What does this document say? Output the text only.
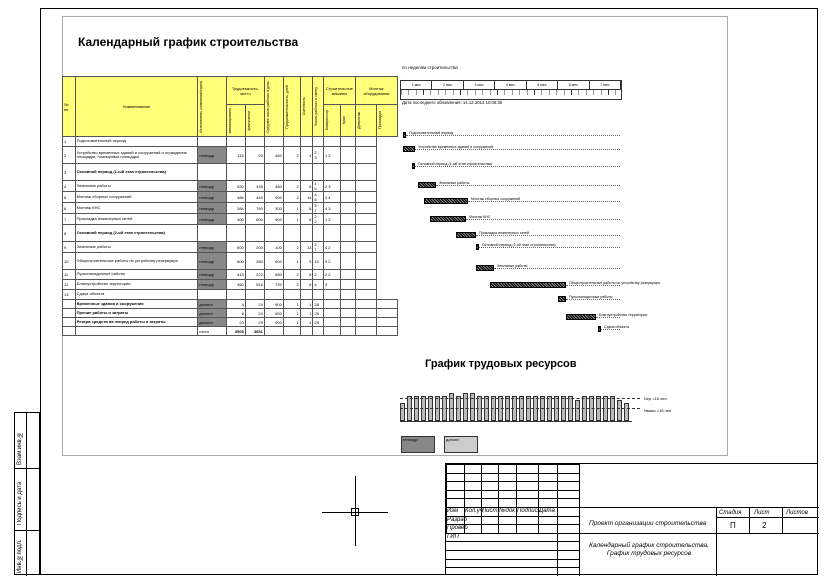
Календарный график строительства
№ пп	Наименование	Исполнитель (компания/отдел)	Трудоемкость, чел×ч		Среднее число рабочих в день	Продолжительность, дней	Сменность	Число рабочих в смену	Строительные машины		Монтаж оборудования	

			запланировано	фактически					Компрессор	Кран	Демонтаж	Прокладка

1	Подготовительный период											
2	Устройство временных зданий и сооружений и ограждение площадки, планировка площадки	генподр	115	92	460	2	4	2 : 3	1 2			
3	Основной период (1-ый этап строительства)											
4	Земляные работы	генподр	520	435	480	2	6	1 : 5	2 3			
5	Монтаж сборных сооружений	генподр	486	440	900	2	14	4 : 6	2 4			
6	Монтаж КНС	генподр	384	760	300	1	6	3 : 7	4 3			
7	Прокладка инженерных сетей	генподр	400	600	900	1	8	2 : 2	1 2			
8	Основной период (2-ой этап строительства)											
9	Земляные работы	генподр	600	200	100	2	13	3 : 7	4 2			
10	Общестроительные работы по устройству резервуара	генподр	600	280	600	1	9	10	3 2			
11	Пусконаладочные работы	генподр	413	222	680	2	8	2	2 2			
12	Благоустройство территории	генподр	460	516	720	2	6	4	3			
13	Сдача объекта											
	Временные здания и сооружения	допопл	4	24	900	1	1	28				
	Прочие работы и затраты	допопл	6	24	500	1	1	28				
	Резерв средств на непред работы и затраты	допопл	23	29	900	1	1	28				
		итого	3505	3651								
по неделям строительства
1 мес	2 мес	3 мес	4 мес	5 мес	6 мес	7 мес
Дата последнего обновления: 14.12.2012 10:08:35
Подготовительный период
Устройство временных зданий и сооружений
Основной период (1-ый этап строительства)
Земляные работы
Монтаж сборных сооружений
Монтаж КНС
Прокладка инженерных сетей
Основной период (2-ой этап строительства)
Земляные работы
Общестроительные работы по устройству резервуара
Пусконаладочные работы
Благоустройство территории
Сдача объекта
График трудовых ресурсов
Nср =16 чел.
Nмакс =16 чел.
генподр	допопл
Взам.инв.№
Подпись и дата
Инв.№подл.
Изм Кол.уч Лист №док Подпись
Дата
Разраб
Провер
ГИП
Проект организации строительства
Стадия Лист	Листов
П	2
Календарный график строительства, График трудовых ресурсов
